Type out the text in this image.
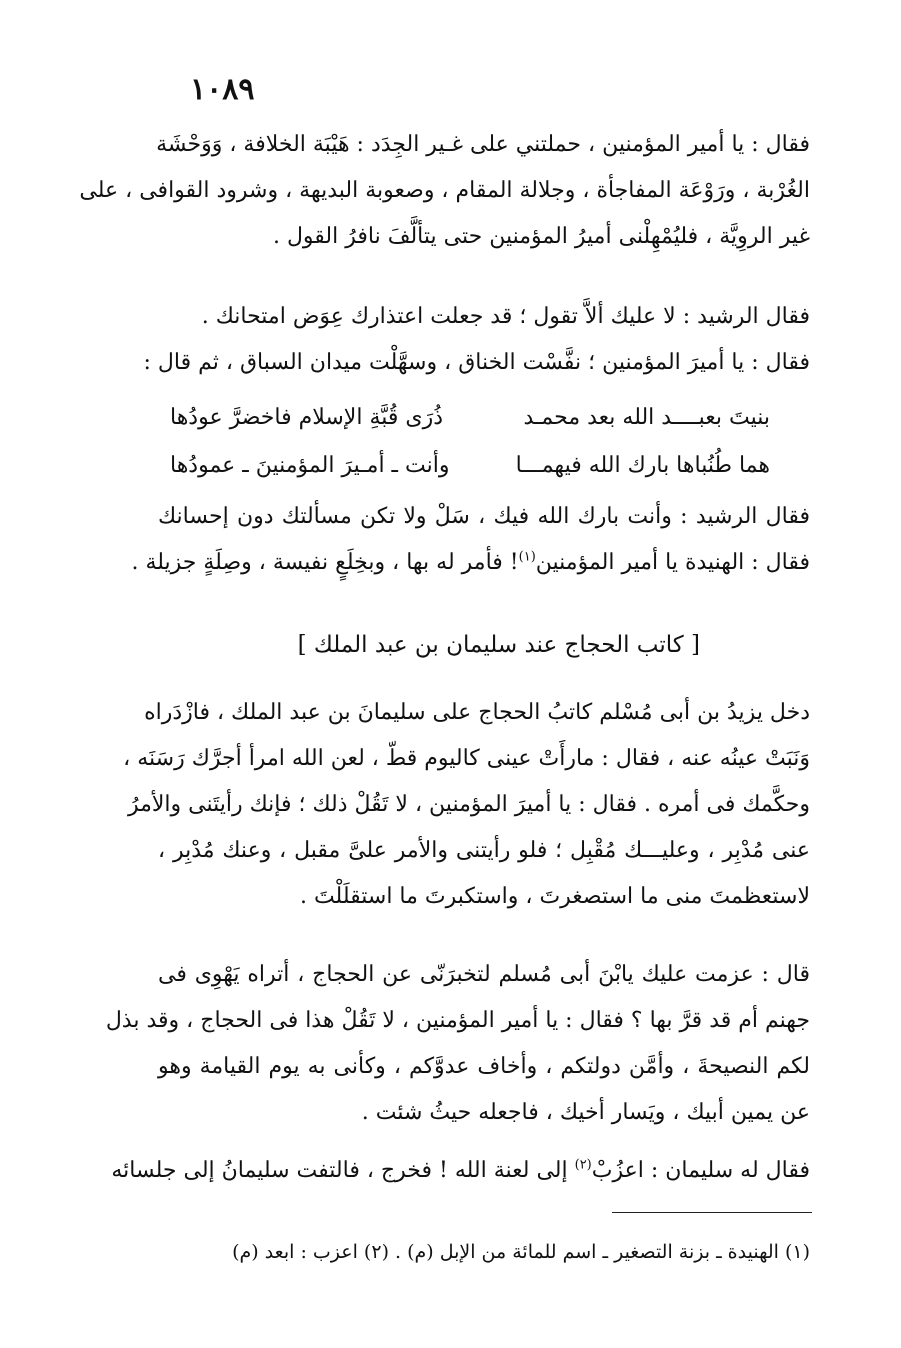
١٠٨٩
فقال : يا أمير المؤمنين ، حملتني على غـير الجِدَد : هَيْبَة الخلافة ، وَوَحْشَة
الغُرْبة ، ورَوْعَة المفاجأة ، وجلالة المقام ، وصعوبة البديهة ، وشرود القوافى ، على
غير الروِيَّة ، فليُمْهِلْنى أميرُ المؤمنين حتى يتألَّفَ نافرُ القول .
فقال الرشيد : لا عليك ألاَّ تقول ؛ قد جعلت اعتذارك عِوَض امتحانك .
فقال : يا أميرَ المؤمنين ؛ نفَّسْت الخناق ، وسهَّلْت ميدان السباق ، ثم قال :
بنيتَ بعبــــد الله بعد محمـد
ذُرَى قُبَّةِ الإسلام فاخضرَّ عودُها
هما طُنُباها بارك الله فيهمـــا
وأنت ـ أمـيرَ المؤمنينَ ـ عمودُها
فقال الرشيد : وأنت بارك الله فيك ، سَلْ ولا تكن مسألتك دون إحسانك
فقال : الهنيدة يا أمير المؤمنين$^{(١)}$! فأمر له بها ، وبخِلَعٍ نفيسة ، وصِلَةٍ جزيلة .
[ كاتب الحجاج عند سليمان بن عبد الملك ]
دخل يزيدُ بن أبى مُسْلم كاتبُ الحجاج على سليمانَ بن عبد الملك ، فازْدَراه
وَنَبَتْ عينُه عنه ، فقال : مارأَتْ عينى كاليوم قطّ ، لعن الله امرأ أجرَّك رَسَنَه ،
وحكَّمك فى أمره . فقال : يا أميرَ المؤمنين ، لا تَقُلْ ذلك ؛ فإنك رأيتَنى والأمرُ
عنى مُدْبِر ، وعليـــك مُقْبِل ؛ فلو رأيتنى والأمر علىَّ مقبل ، وعنك مُدْبِر ،
لاستعظمتَ منى ما استصغرتَ ، واستكبرتَ ما استقلَلْتَ .
قال : عزمت عليك يابْنَ أبى مُسلم لتخبرَنّى عن الحجاج ، أتراه يَهْوِى فى
جهنم أم قد قرَّ بها ؟ فقال : يا أمير المؤمنين ، لا تَقُلْ هذا فى الحجاج ، وقد بذل
لكم النصيحةَ ، وأمَّن دولتكم ، وأخاف عدوَّكم ، وكأنى به يوم القيامة وهو
عن يمين أبيك ، ويَسار أخيك ، فاجعله حيثُ شئت .
فقال له سليمان : اعزُبْ$^{(٢)}$ إلى لعنة الله ! فخرج ، فالتفت سليمانُ إلى جلسائه
(١) الهنيدة ـ بزنة التصغير ـ اسم للمائة من الإبل (م) . (٢) اعزب : ابعد (م)
